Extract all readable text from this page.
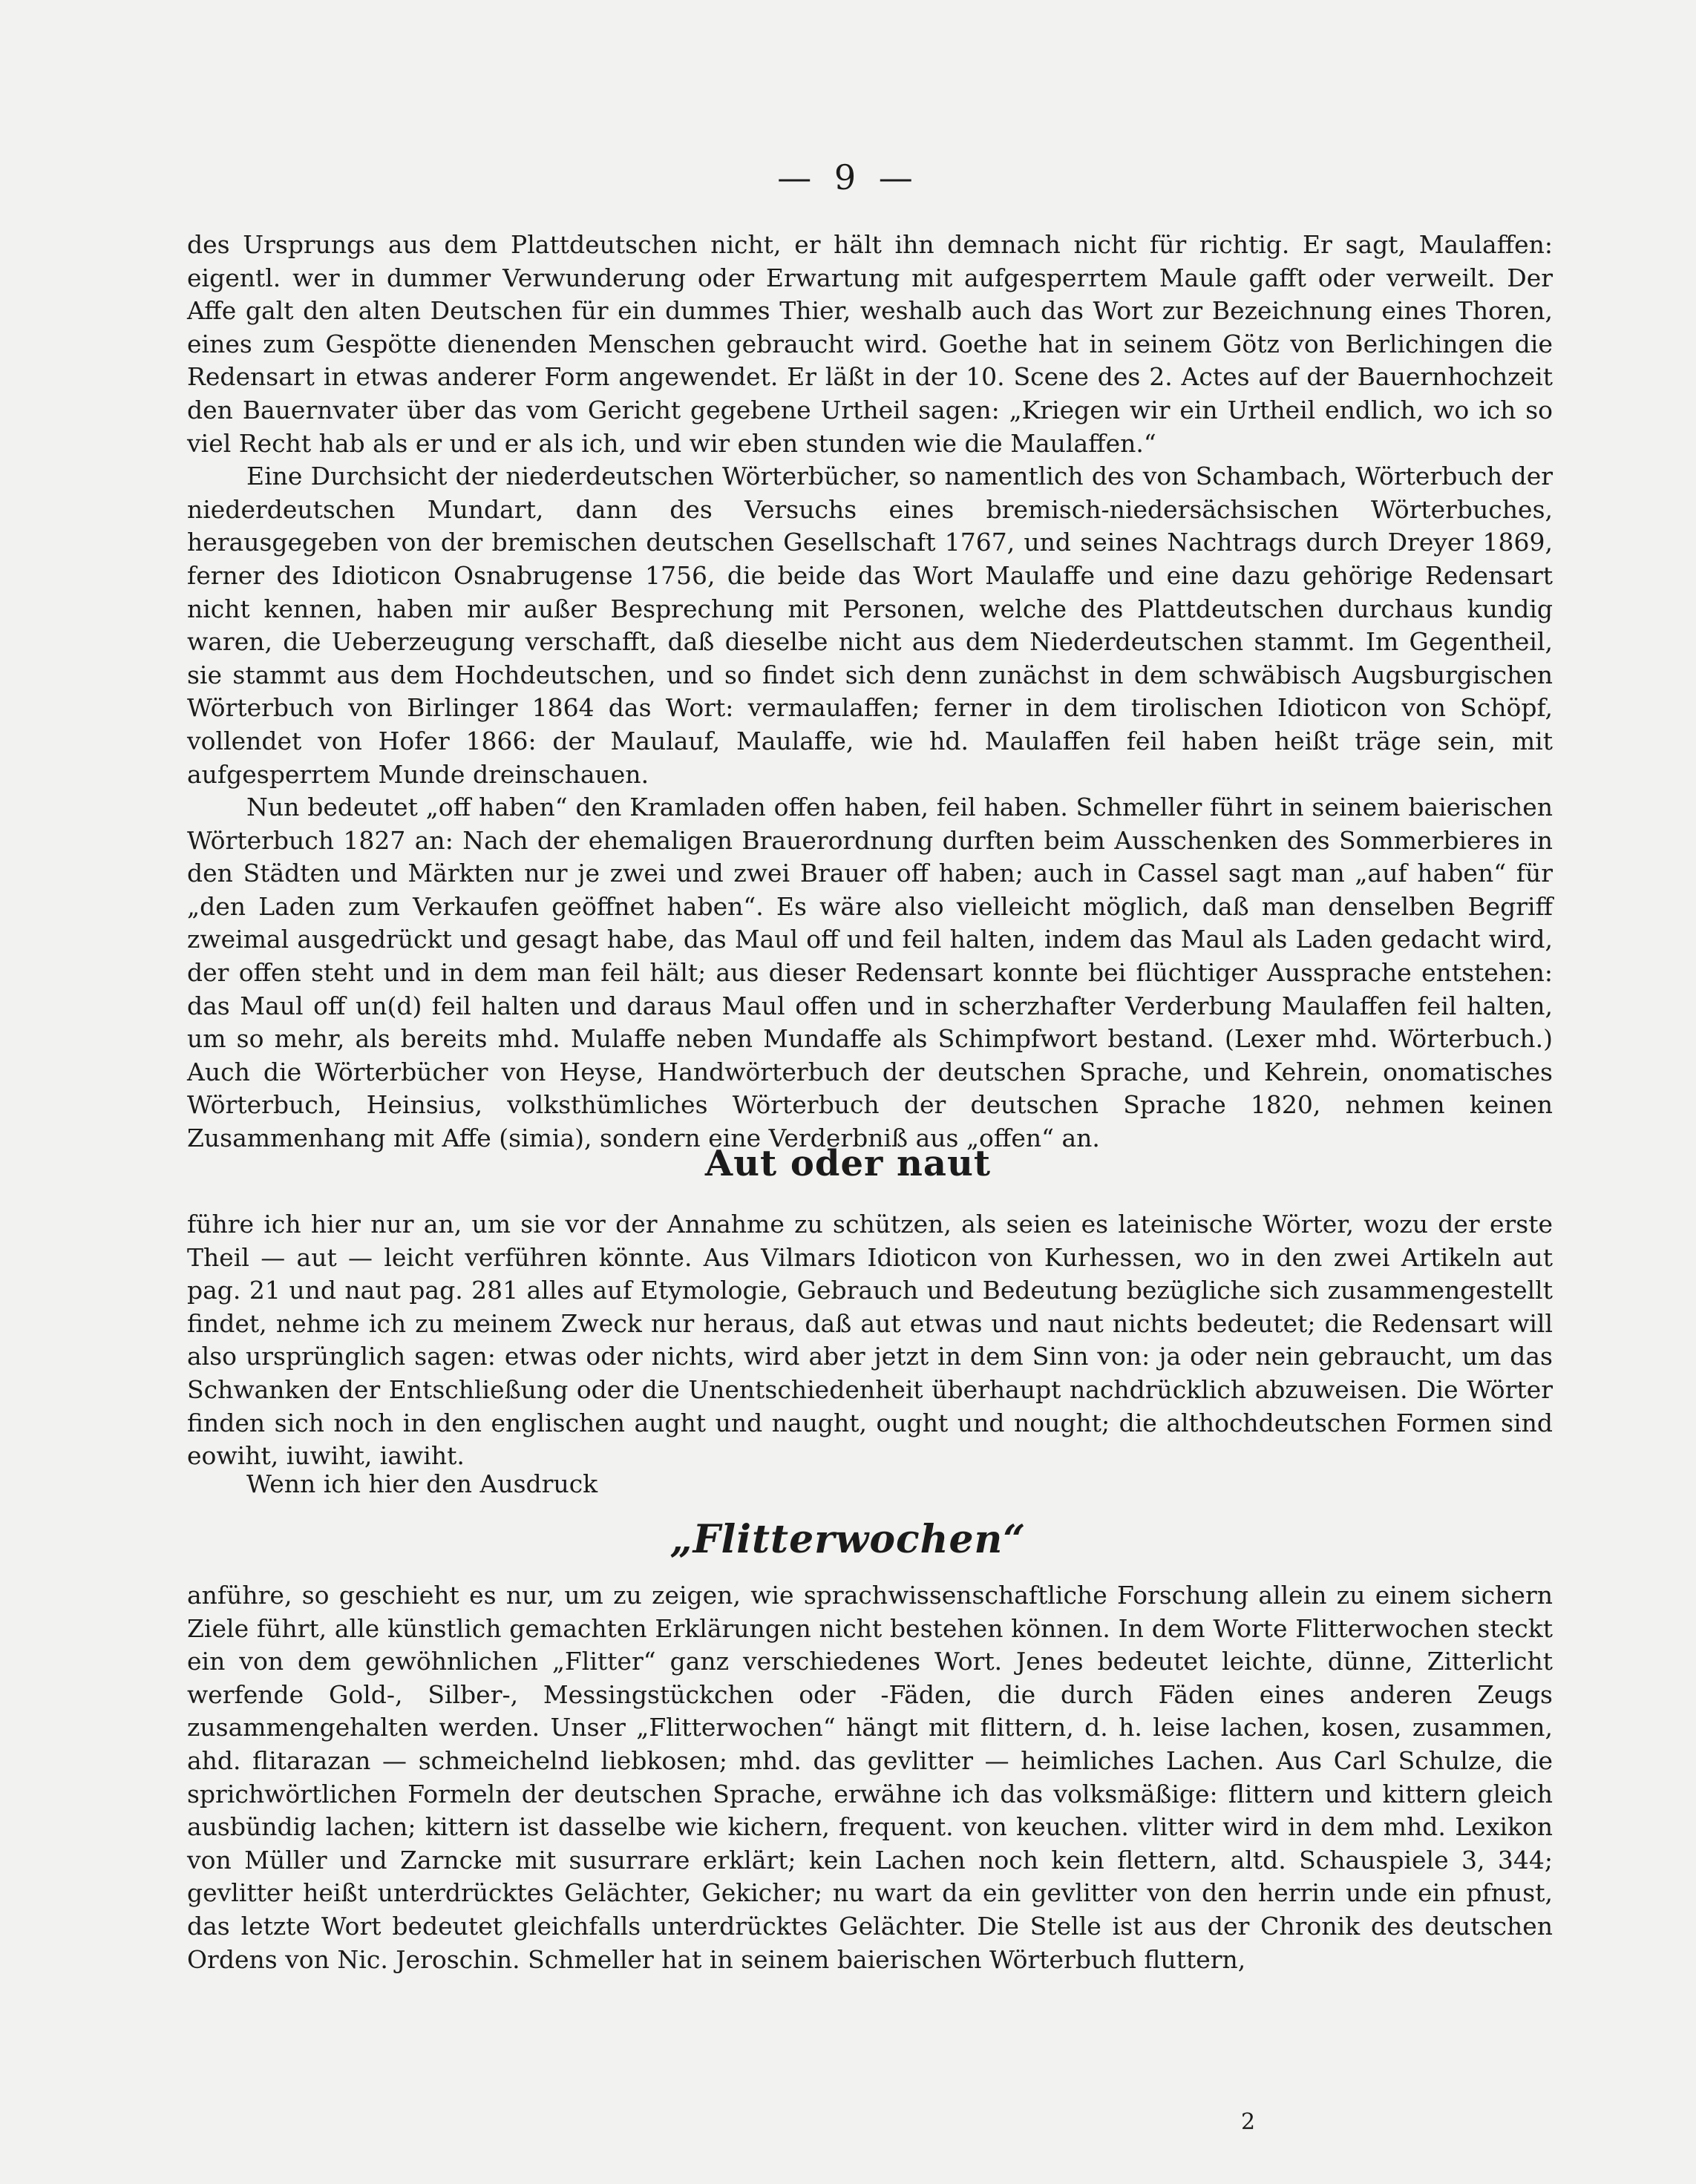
— 9 —

des Ursprungs aus dem Plattdeutschen nicht, er hält ihn demnach nicht für richtig. Er sagt, Maulaffen: eigentl. wer in dummer Verwunderung oder Erwartung mit aufgesperrtem Maule gafft oder verweilt. Der Affe galt den alten Deutschen für ein dummes Thier, weshalb auch das Wort zur Bezeichnung eines Thoren, eines zum Gespötte dienenden Menschen gebraucht wird. Goethe hat in seinem Götz von Berlichingen die Redensart in etwas anderer Form angewendet. Er läßt in der 10. Scene des 2. Actes auf der Bauernhochzeit den Bauernvater über das vom Gericht gegebene Urtheil sagen: „Kriegen wir ein Urtheil endlich, wo ich so viel Recht hab als er und er als ich, und wir eben stunden wie die Maulaffen.“

Eine Durchsicht der niederdeutschen Wörterbücher, so namentlich des von Schambach, Wörterbuch der niederdeutschen Mundart, dann des Versuchs eines bremisch-niedersächsischen Wörterbuches, herausgegeben von der bremischen deutschen Gesellschaft 1767, und seines Nachtrags durch Dreyer 1869, ferner des Idioticon Osnabrugense 1756, die beide das Wort Maulaffe und eine dazu gehörige Redensart nicht kennen, haben mir außer Besprechung mit Personen, welche des Plattdeutschen durchaus kundig waren, die Ueberzeugung verschafft, daß dieselbe nicht aus dem Niederdeutschen stammt. Im Gegentheil, sie stammt aus dem Hochdeutschen, und so findet sich denn zunächst in dem schwäbisch Augsburgischen Wörterbuch von Birlinger 1864 das Wort: vermaulaffen; ferner in dem tirolischen Idioticon von Schöpf, vollendet von Hofer 1866: der Maulauf, Maulaffe, wie hd. Maulaffen feil haben heißt träge sein, mit aufgesperrtem Munde dreinschauen.

Nun bedeutet „off haben“ den Kramladen offen haben, feil haben. Schmeller führt in seinem baierischen Wörterbuch 1827 an: Nach der ehemaligen Brauerordnung durften beim Ausschenken des Sommerbieres in den Städten und Märkten nur je zwei und zwei Brauer off haben; auch in Cassel sagt man „auf haben“ für „den Laden zum Verkaufen geöffnet haben“. Es wäre also vielleicht möglich, daß man denselben Begriff zweimal ausgedrückt und gesagt habe, das Maul off und feil halten, indem das Maul als Laden gedacht wird, der offen steht und in dem man feil hält; aus dieser Redensart konnte bei flüchtiger Aussprache entstehen: das Maul off un(d) feil halten und daraus Maul offen und in scherzhafter Verderbung Maulaffen feil halten, um so mehr, als bereits mhd. Mulaffe neben Mundaffe als Schimpfwort bestand. (Lexer mhd. Wörterbuch.) Auch die Wörterbücher von Heyse, Handwörterbuch der deutschen Sprache, und Kehrein, onomatisches Wörterbuch, Heinsius, volksthümliches Wörterbuch der deutschen Sprache 1820, nehmen keinen Zusammenhang mit Affe (simia), sondern eine Verderbniß aus „offen“ an.

Aut oder naut

führe ich hier nur an, um sie vor der Annahme zu schützen, als seien es lateinische Wörter, wozu der erste Theil — aut — leicht verführen könnte. Aus Vilmars Idioticon von Kurhessen, wo in den zwei Artikeln aut pag. 21 und naut pag. 281 alles auf Etymologie, Gebrauch und Bedeutung bezügliche sich zusammengestellt findet, nehme ich zu meinem Zweck nur heraus, daß aut etwas und naut nichts bedeutet; die Redensart will also ursprünglich sagen: etwas oder nichts, wird aber jetzt in dem Sinn von: ja oder nein gebraucht, um das Schwanken der Entschließung oder die Unentschiedenheit überhaupt nachdrücklich abzuweisen. Die Wörter finden sich noch in den englischen aught und naught, ought und nought; die althochdeutschen Formen sind eowiht, iuwiht, iawiht.

Wenn ich hier den Ausdruck
„Flitterwochen“

anführe, so geschieht es nur, um zu zeigen, wie sprachwissenschaftliche Forschung allein zu einem sichern Ziele führt, alle künstlich gemachten Erklärungen nicht bestehen können. In dem Worte Flitterwochen steckt ein von dem gewöhnlichen „Flitter“ ganz verschiedenes Wort. Jenes bedeutet leichte, dünne, Zitterlicht werfende Gold-, Silber-, Messingstückchen oder -Fäden, die durch Fäden eines anderen Zeugs zusammengehalten werden. Unser „Flitterwochen“ hängt mit flittern, d. h. leise lachen, kosen, zusammen, ahd. flitarazan — schmeichelnd liebkosen; mhd. das gevlitter — heimliches Lachen. Aus Carl Schulze, die sprichwörtlichen Formeln der deutschen Sprache, erwähne ich das volksmäßige: flittern und kittern gleich ausbündig lachen; kittern ist dasselbe wie kichern, frequent. von keuchen. vlitter wird in dem mhd. Lexikon von Müller und Zarncke mit susurrare erklärt; kein Lachen noch kein flettern, altd. Schauspiele 3, 344; gevlitter heißt unterdrücktes Gelächter, Gekicher; nu wart da ein gevlitter von den herrin unde ein pfnust, das letzte Wort bedeutet gleichfalls unterdrücktes Gelächter. Die Stelle ist aus der Chronik des deutschen Ordens von Nic. Jeroschin. Schmeller hat in seinem baierischen Wörterbuch fluttern,

2
